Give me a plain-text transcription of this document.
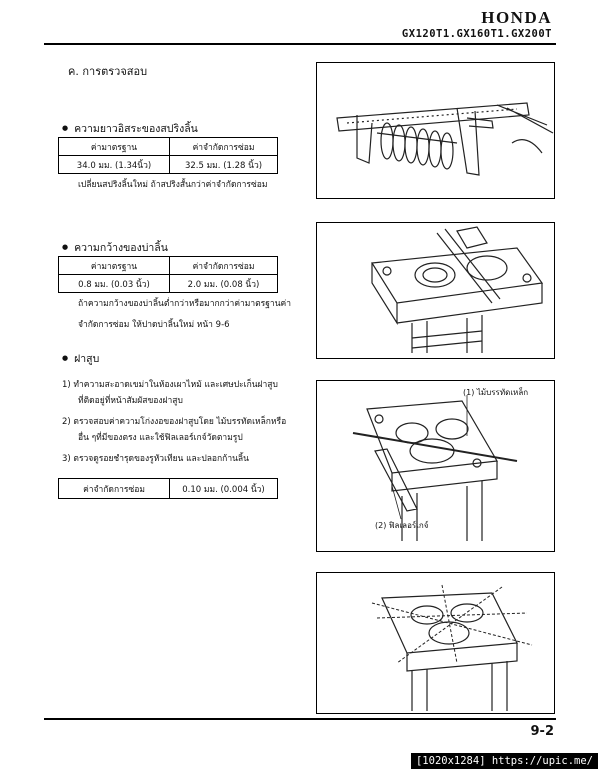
HONDA
GX120T1.GX160T1.GX200T
ค. การตรวจสอบ
● ความยาวอิสระของสปริงลิ้น
ค่ามาตรฐาน	ค่าจำกัดการซ่อม
34.0 มม. (1.34นิ้ว)	32.5 มม. (1.28 นิ้ว)
เปลี่ยนสปริงลิ้นใหม่ ถ้าสปริงสั้นกว่าค่าจำกัดการซ่อม
● ความกว้างของบ่าลิ้น
ค่ามาตรฐาน	ค่าจำกัดการซ่อม
0.8 มม. (0.03 นิ้ว)	2.0 มม. (0.08 นิ้ว)
ถ้าความกว้างของบ่าลิ้นต่ำกว่าหรือมากกว่าค่ามาตรฐานค่า
จำกัดการซ่อม ให้ปาดบ่าลิ้นใหม่ หน้า 9-6
● ฝาสูบ
1) ทำความสะอาดเขม่าในห้องเผาไหม้ และเศษปะเก็นฝาสูบ
ที่ติดอยู่ที่หน้าสัมผัสของฝาสูบ
2) ตรวจสอบค่าความโก่งงอของฝาสูบโดย ไม้บรรทัดเหล็กหรือ
อื่น ๆที่มีของตรง และใช้ฟิลเลอร์เกจ์วัดตามรูป
3) ตรวจดูรอยชำรุดของรูหัวเทียน และปลอกก้านลิ้น
ค่าจำกัดการซ่อม	0.10 มม. (0.004 นิ้ว)
(1) ไม้บรรทัดเหล็ก
(2) ฟิลเลอร์เกจ์
9-2
[1020x1284] https://upic.me/
